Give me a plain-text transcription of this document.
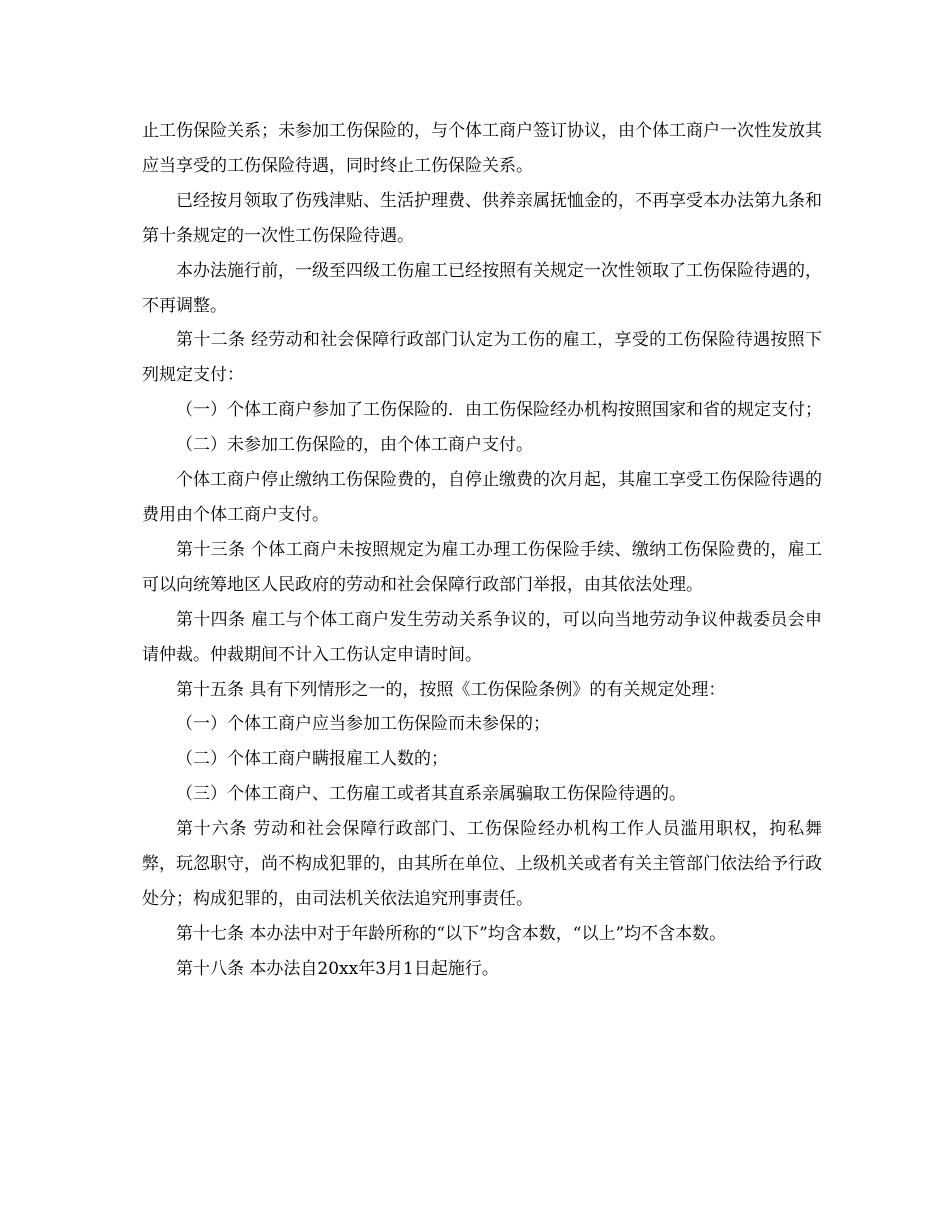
止工伤保险关系；未参加工伤保险的，与个体工商户签订协议，由个体工商户一次性发放其应当享受的工伤保险待遇，同时终止工伤保险关系。

已经按月领取了伤残津贴、生活护理费、供养亲属抚恤金的，不再享受本办法第九条和第十条规定的一次性工伤保险待遇。

本办法施行前，一级至四级工伤雇工已经按照有关规定一次性领取了工伤保险待遇的，不再调整。

第十二条 经劳动和社会保障行政部门认定为工伤的雇工，享受的工伤保险待遇按照下列规定支付：

（一）个体工商户参加了工伤保险的．由工伤保险经办机构按照国家和省的规定支付；

（二）未参加工伤保险的，由个体工商户支付。

个体工商户停止缴纳工伤保险费的，自停止缴费的次月起，其雇工享受工伤保险待遇的费用由个体工商户支付。

第十三条 个体工商户未按照规定为雇工办理工伤保险手续、缴纳工伤保险费的，雇工可以向统筹地区人民政府的劳动和社会保障行政部门举报，由其依法处理。

第十四条 雇工与个体工商户发生劳动关系争议的，可以向当地劳动争议仲裁委员会申请仲裁。仲裁期间不计入工伤认定申请时间。

第十五条 具有下列情形之一的，按照《工伤保险条例》的有关规定处理：

（一）个体工商户应当参加工伤保险而未参保的；

（二）个体工商户瞒报雇工人数的；

（三）个体工商户、工伤雇工或者其直系亲属骗取工伤保险待遇的。

第十六条 劳动和社会保障行政部门、工伤保险经办机构工作人员滥用职权，拘私舞弊，玩忽职守，尚不构成犯罪的，由其所在单位、上级机关或者有关主管部门依法给予行政处分；构成犯罪的，由司法机关依法追究刑事责任。

第十七条 本办法中对于年龄所称的“以下”均含本数，“以上”均不含本数。

第十八条 本办法自20xx年3月1日起施行。
